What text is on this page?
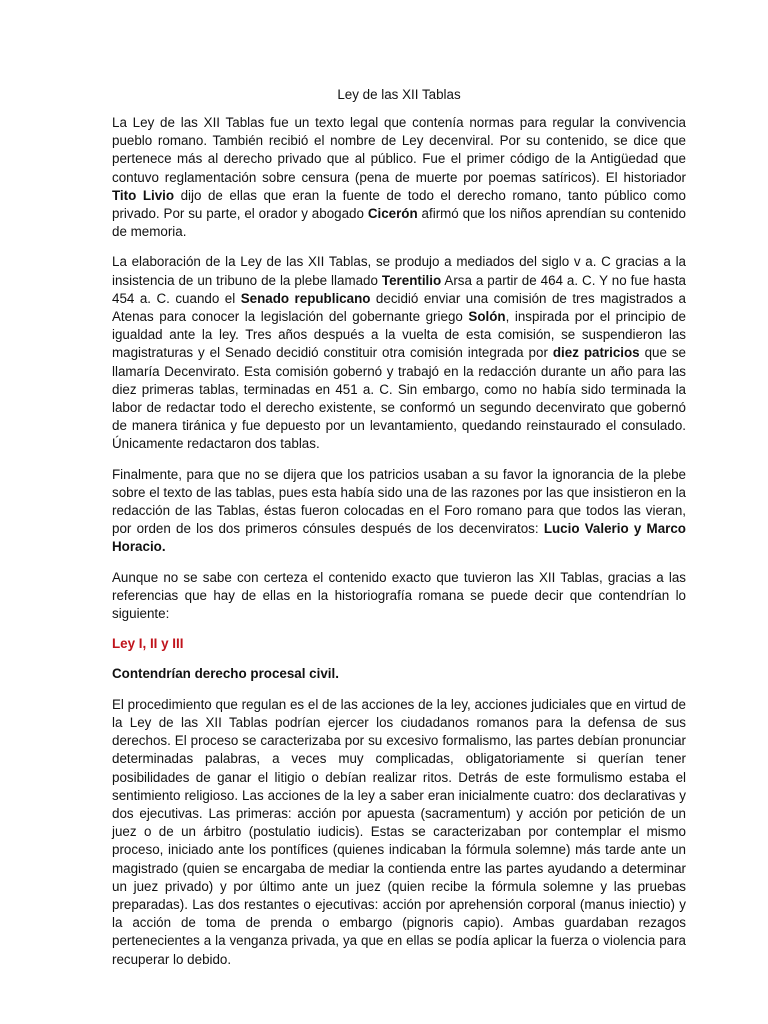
Ley de las XII Tablas

La Ley de las XII Tablas fue un texto legal que contenía normas para regular la convivencia pueblo romano. También recibió el nombre de Ley decenviral. Por su contenido, se dice que pertenece más al derecho privado que al público. Fue el primer código de la Antigüedad que contuvo reglamentación sobre censura (pena de muerte por poemas satíricos). El historiador Tito Livio dijo de ellas que eran la fuente de todo el derecho romano, tanto público como privado. Por su parte, el orador y abogado Cicerón afirmó que los niños aprendían su contenido de memoria.

La elaboración de la Ley de las XII Tablas, se produjo a mediados del siglo v a. C gracias a la insistencia de un tribuno de la plebe llamado Terentilio Arsa a partir de 464 a. C. Y no fue hasta 454 a. C. cuando el Senado republicano decidió enviar una comisión de tres magistrados a Atenas para conocer la legislación del gobernante griego Solón, inspirada por el principio de igualdad ante la ley. Tres años después a la vuelta de esta comisión, se suspendieron las magistraturas y el Senado decidió constituir otra comisión integrada por diez patricios que se llamaría Decenvirato. Esta comisión gobernó y trabajó en la redacción durante un año para las diez primeras tablas, terminadas en 451 a. C. Sin embargo, como no había sido terminada la labor de redactar todo el derecho existente, se conformó un segundo decenvirato que gobernó de manera tiránica y fue depuesto por un levantamiento, quedando reinstaurado el consulado. Únicamente redactaron dos tablas.

Finalmente, para que no se dijera que los patricios usaban a su favor la ignorancia de la plebe sobre el texto de las tablas, pues esta había sido una de las razones por las que insistieron en la redacción de las Tablas, éstas fueron colocadas en el Foro romano para que todos las vieran, por orden de los dos primeros cónsules después de los decenviratos: Lucio Valerio y Marco Horacio.

Aunque no se sabe con certeza el contenido exacto que tuvieron las XII Tablas, gracias a las referencias que hay de ellas en la historiografía romana se puede decir que contendrían lo siguiente:

Ley I, II y III

Contendrían derecho procesal civil.

El procedimiento que regulan es el de las acciones de la ley, acciones judiciales que en virtud de la Ley de las XII Tablas podrían ejercer los ciudadanos romanos para la defensa de sus derechos. El proceso se caracterizaba por su excesivo formalismo, las partes debían pronunciar determinadas palabras, a veces muy complicadas, obligatoriamente si querían tener posibilidades de ganar el litigio o debían realizar ritos. Detrás de este formulismo estaba el sentimiento religioso. Las acciones de la ley a saber eran inicialmente cuatro: dos declarativas y dos ejecutivas. Las primeras: acción por apuesta (sacramentum) y acción por petición de un juez o de un árbitro (postulatio iudicis). Estas se caracterizaban por contemplar el mismo proceso, iniciado ante los pontífices (quienes indicaban la fórmula solemne) más tarde ante un magistrado (quien se encargaba de mediar la contienda entre las partes ayudando a determinar un juez privado) y por último ante un juez (quien recibe la fórmula solemne y las pruebas preparadas). Las dos restantes o ejecutivas: acción por aprehensión corporal (manus iniectio) y la acción de toma de prenda o embargo (pignoris capio). Ambas guardaban rezagos pertenecientes a la venganza privada, ya que en ellas se podía aplicar la fuerza o violencia para recuperar lo debido.
